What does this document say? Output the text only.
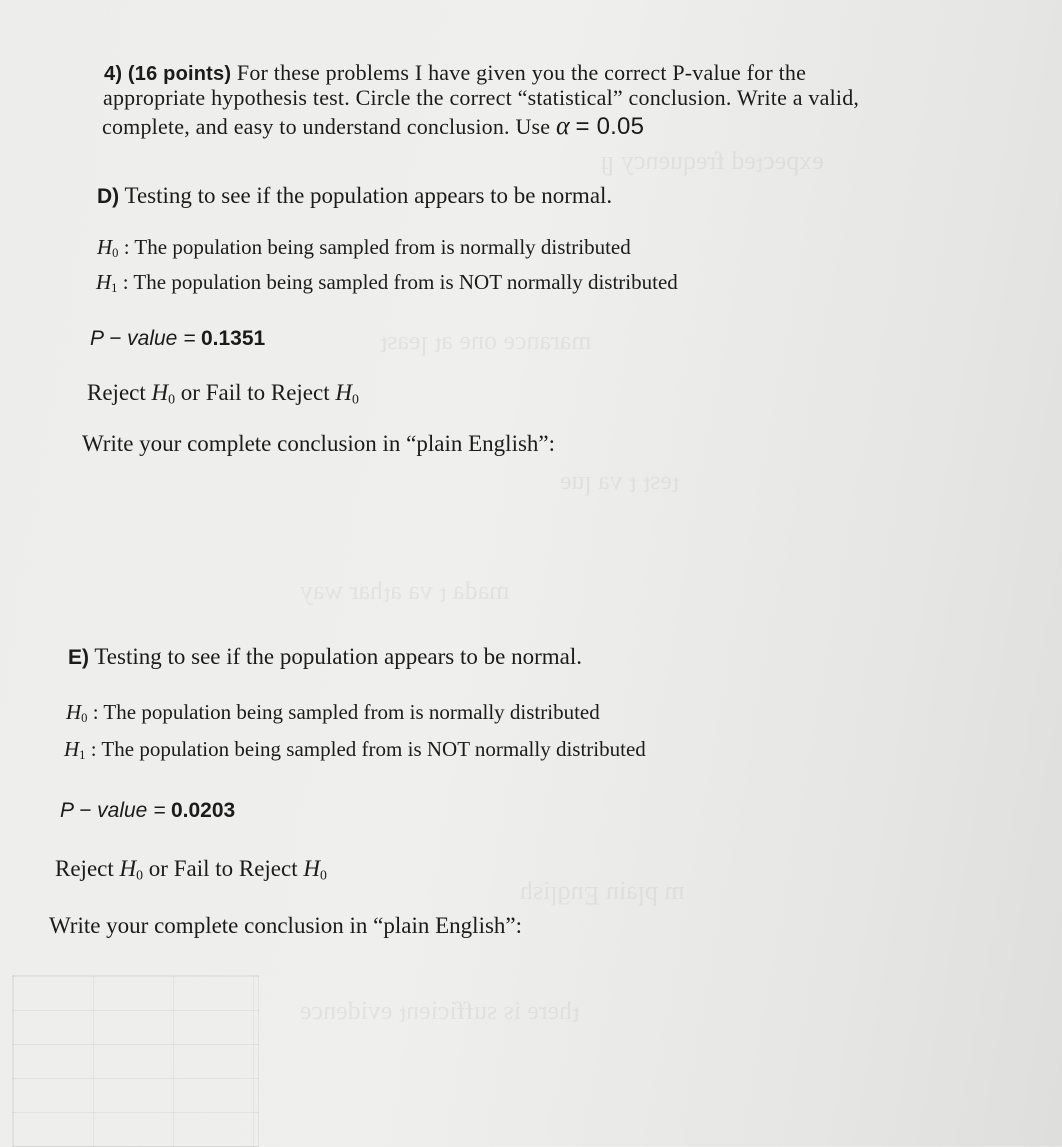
ﬂ ʎɔuǝnbǝɹɟ pǝʇɔǝdxǝ
ʇsɐǝl ʇɐ ǝuo ǝɔuɐɹɐɯ
ǝnl ɐʌ ʇ ʇsǝʇ
ʎɐʍ ɹɐɥʇɐ ɐʌ ʇ ɐpɐɯ
ɥsᴉlƃuƎ uᴉɐld ɯ
ǝɔuǝpᴉʌǝ ʇuǝᴉɔᴉɟɟns sᴉ ǝɹǝɥʇ
4) (16 points) For these problems I have given you the correct P-value for the
appropriate hypothesis test. Circle the correct “statistical” conclusion. Write a valid,
complete, and easy to understand conclusion. Use α = 0.05
D) Testing to see if the population appears to be normal.
$H_0$ : The population being sampled from is normally distributed
$H_1$ : The population being sampled from is NOT normally distributed
P − value = 0.1351
Reject $H_0$ or Fail to Reject $H_0$
Write your complete conclusion in “plain English”:
E) Testing to see if the population appears to be normal.
$H_0$ : The population being sampled from is normally distributed
$H_1$ : The population being sampled from is NOT normally distributed
P − value = 0.0203
Reject $H_0$ or Fail to Reject $H_0$
Write your complete conclusion in “plain English”:
